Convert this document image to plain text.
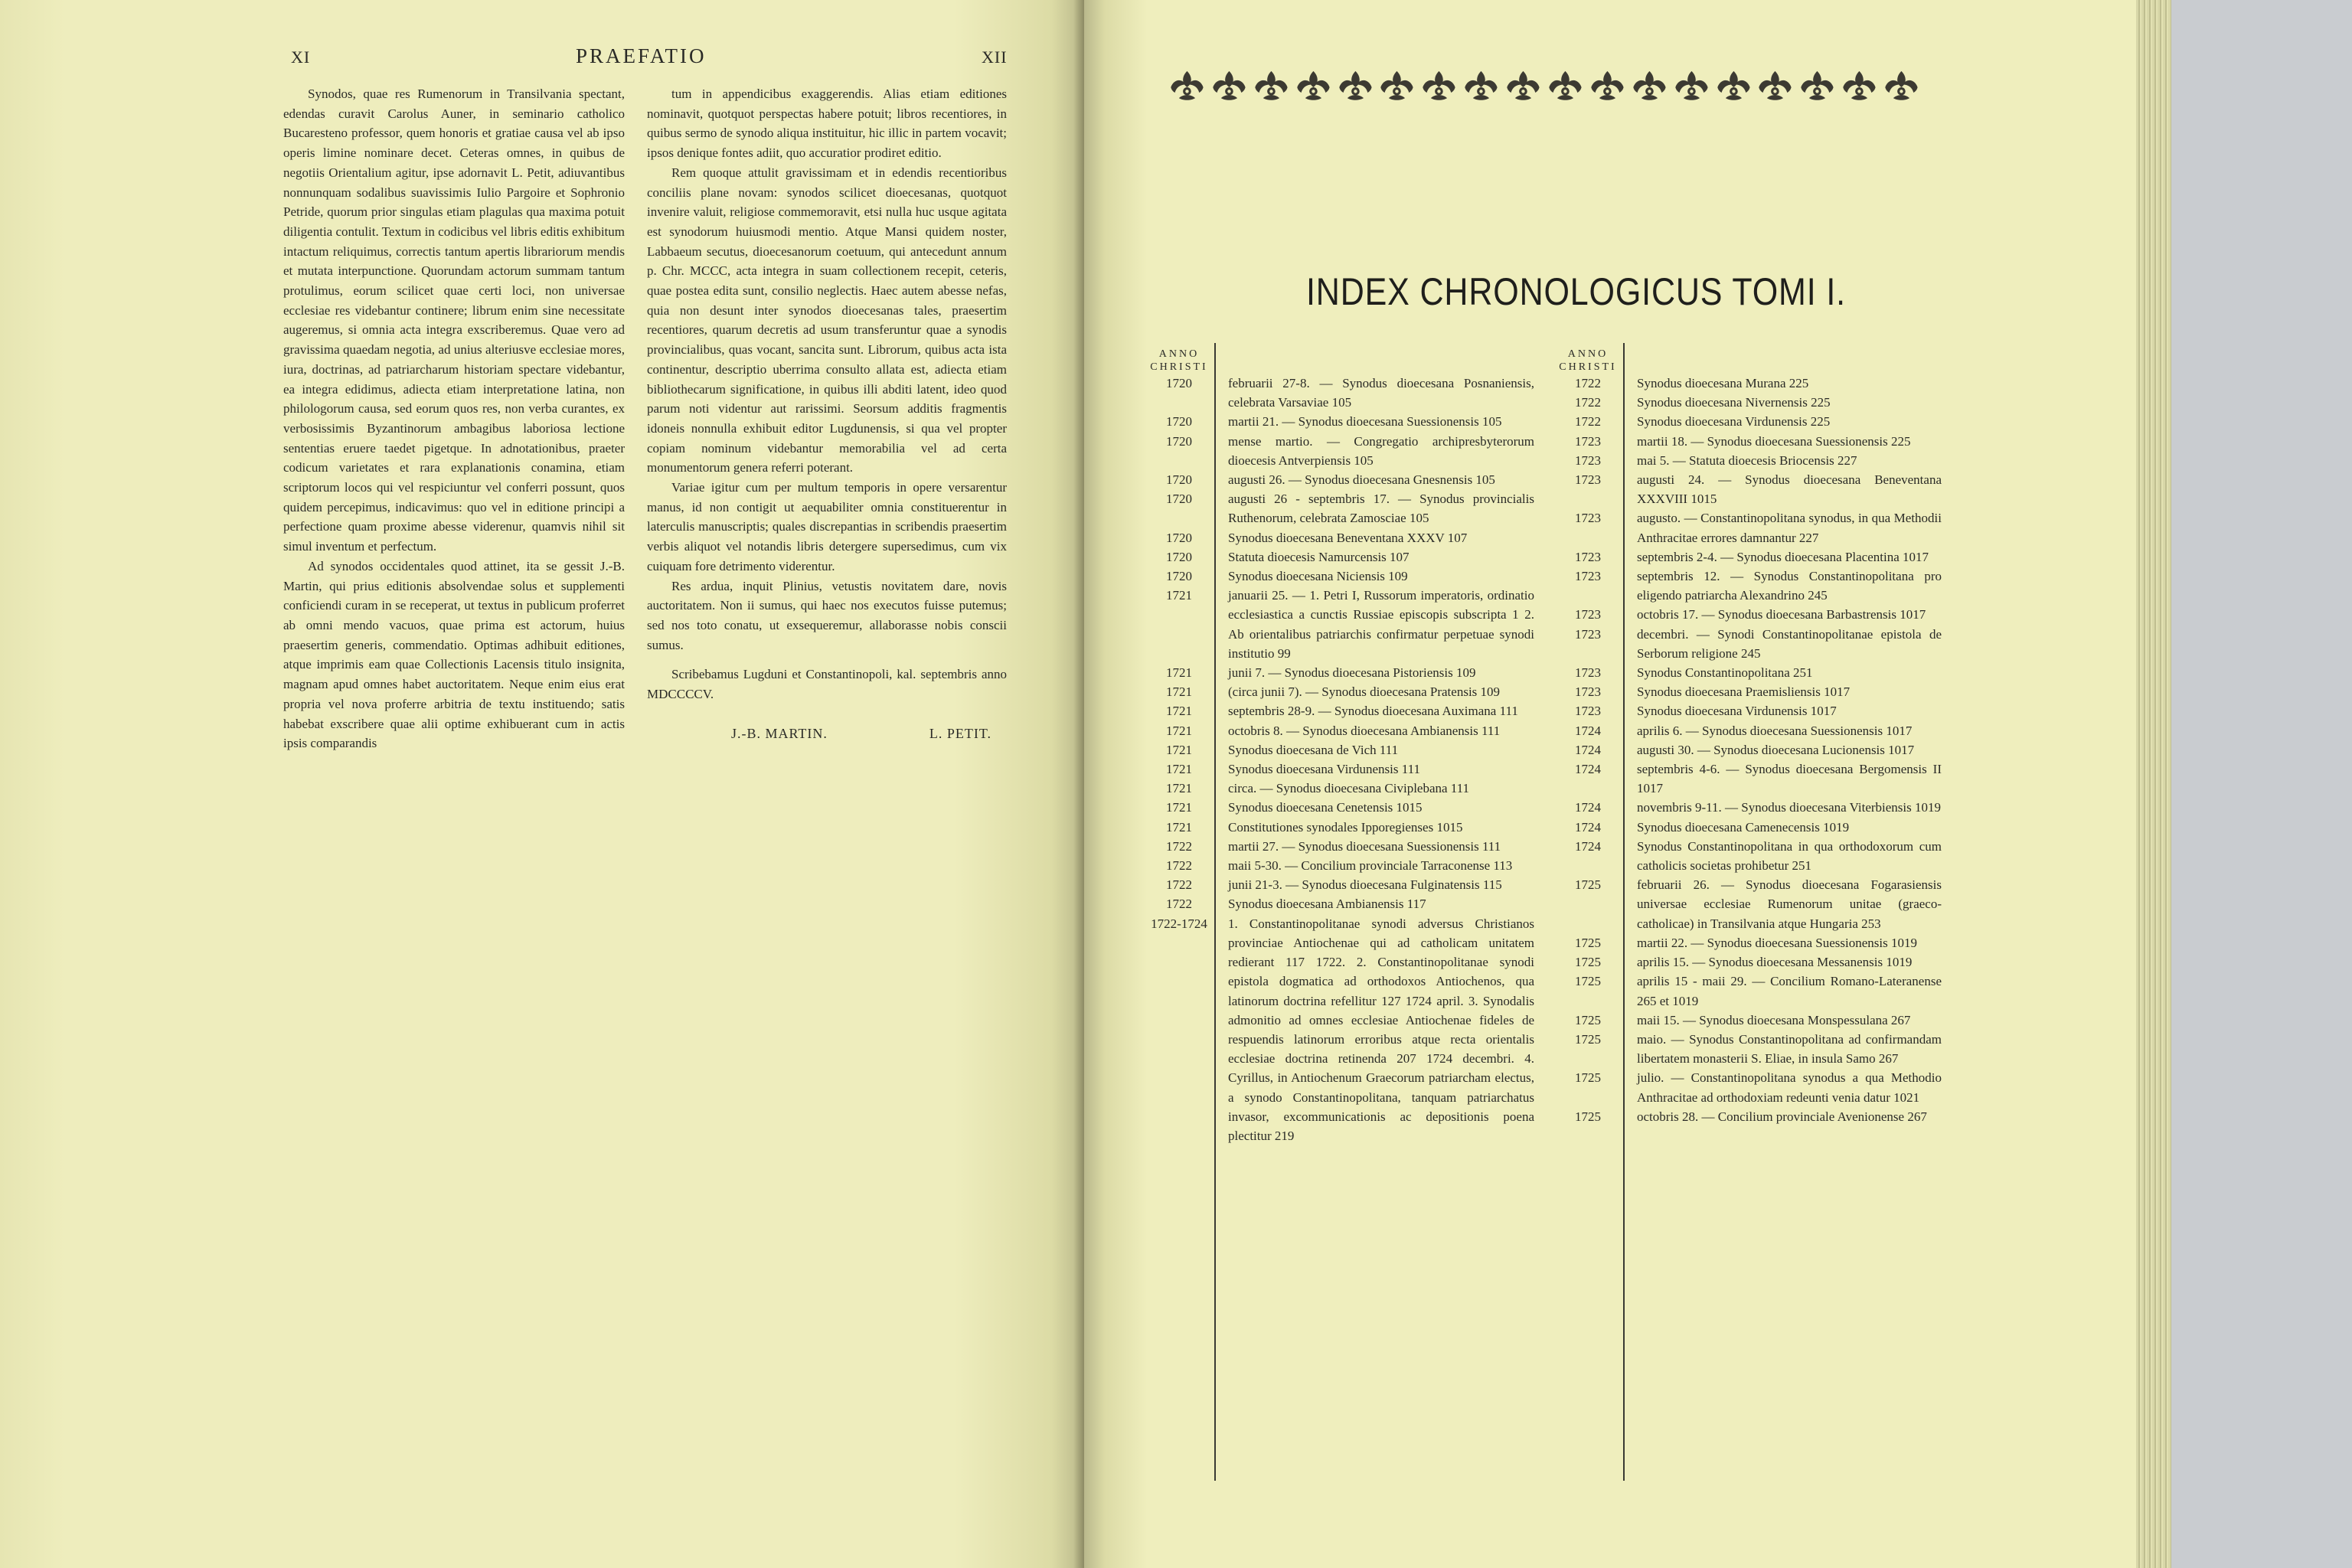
XI	PRAEFATIO	XII

Synodos, quae res Rumenorum in Transilvania spectant, edendas curavit Carolus Auner, in seminario catholico Bucaresteno professor, quem honoris et gratiae causa vel ab ipso operis limine nominare decet. Ceteras omnes, in quibus de negotiis Orientalium agitur, ipse adornavit L. Petit, adiuvantibus nonnunquam sodalibus suavissimis Iulio Pargoire et Sophronio Petride, quorum prior singulas etiam plagulas qua maxima potuit diligentia contulit. Textum in codicibus vel libris editis exhibitum intactum reliquimus, correctis tantum apertis librariorum mendis et mutata interpunctione. Quorundam actorum summam tantum protulimus, eorum scilicet quae certi loci, non universae ecclesiae res videbantur continere; librum enim sine necessitate augeremus, si omnia acta integra exscriberemus. Quae vero ad gravissima quaedam negotia, ad unius alteriusve ecclesiae mores, iura, doctrinas, ad patriarcharum historiam spectare videbantur, ea integra edidimus, adiecta etiam interpretatione latina, non philologorum causa, sed eorum quos res, non verba curantes, ex verbosissimis Byzantinorum ambagibus laboriosa lectione sententias eruere taedet pigetque. In adnotationibus, praeter codicum varietates et rara explanationis conamina, etiam scriptorum locos qui vel respiciuntur vel conferri possunt, quos quidem percepimus, indicavimus: quo vel in editione principi a perfectione quam proxime abesse viderenur, quamvis nihil sit simul inventum et perfectum.

Ad synodos occidentales quod attinet, ita se gessit J.-B. Martin, qui prius editionis absolvendae solus et supplementi conficiendi curam in se receperat, ut textus in publicum proferret ab omni mendo vacuos, quae prima est actorum, huius praesertim generis, commendatio. Optimas adhibuit editiones, atque imprimis eam quae Collectionis Lacensis titulo insignita, magnam apud omnes habet auctoritatem. Neque enim eius erat propria vel nova proferre arbitria de textu instituendo; satis habebat exscribere quae alii optime exhibuerant cum in actis ipsis comparandis

tum in appendicibus exaggerendis. Alias etiam editiones nominavit, quotquot perspectas habere potuit; libros recentiores, in quibus sermo de synodo aliqua instituitur, hic illic in partem vocavit; ipsos denique fontes adiit, quo accuratior prodiret editio.

Rem quoque attulit gravissimam et in edendis recentioribus conciliis plane novam: synodos scilicet dioecesanas, quotquot invenire valuit, religiose commemoravit, etsi nulla huc usque agitata est synodorum huiusmodi mentio. Atque Mansi quidem noster, Labbaeum secutus, dioecesanorum coetuum, qui antecedunt annum p. Chr. MCCC, acta integra in suam collectionem recepit, ceteris, quae postea edita sunt, consilio neglectis. Haec autem abesse nefas, quia non desunt inter synodos dioecesanas tales, praesertim recentiores, quarum decretis ad usum transferuntur quae a synodis provincialibus, quas vocant, sancita sunt. Librorum, quibus acta ista continentur, descriptio uberrima consulto allata est, adiecta etiam bibliothecarum significatione, in quibus illi abditi latent, ideo quod parum noti videntur aut rarissimi. Seorsum additis fragmentis idoneis nonnulla exhibuit editor Lugdunensis, si qua vel propter copiam nominum videbantur memorabilia vel ad certa monumentorum genera referri poterant.

Variae igitur cum per multum temporis in opere versarentur manus, id non contigit ut aequabiliter omnia constituerentur in laterculis manuscriptis; quales discrepantias in scribendis praesertim verbis aliquot vel notandis libris detergere supersedimus, cum vix cuiquam fore detrimento viderentur.

Res ardua, inquit Plinius, vetustis novitatem dare, novis auctoritatem. Non ii sumus, qui haec nos executos fuisse putemus; sed nos toto conatu, ut exsequeremur, allaborasse nobis conscii sumus.

Scribebamus Lugduni et Constantinopoli, kal. septembris anno MDCCCCV.

J.-B. MARTIN.	L. PETIT.
INDEX CHRONOLOGICUS TOMI I.
ANNO CHRISTI
1720	februarii 27-8. — Synodus dioecesana Posnaniensis, celebrata Varsaviae 105
1720	martii 21. — Synodus dioecesana Suessionensis 105
1720	mense martio. — Congregatio archipresbyterorum dioecesis Antverpiensis 105
1720	augusti 26. — Synodus dioecesana Gnesnensis 105
1720	augusti 26 - septembris 17. — Synodus provincialis Ruthenorum, celebrata Zamosciae 105
1720	Synodus dioecesana Beneventana XXXV 107
1720	Statuta dioecesis Namurcensis 107
1720	Synodus dioecesana Niciensis 109
1721	januarii 25. — 1. Petri I, Russorum imperatoris, ordinatio ecclesiastica a cunctis Russiae episcopis subscripta 1 2. Ab orientalibus patriarchis confirmatur perpetuae synodi institutio 99
1721	junii 7. — Synodus dioecesana Pistoriensis 109
1721	(circa junii 7). — Synodus dioecesana Pratensis 109
1721	septembris 28-9. — Synodus dioecesana Auximana 111
1721	octobris 8. — Synodus dioecesana Ambianensis 111
1721	Synodus dioecesana de Vich 111
1721	Synodus dioecesana Virdunensis 111
1721	circa. — Synodus dioecesana Civiplebana 111
1721	Synodus dioecesana Cenetensis 1015
1721	Constitutiones synodales Ipporegienses 1015
1722	martii 27. — Synodus dioecesana Suessionensis 111
1722	maii 5-30. — Concilium provinciale Tarraconense 113
1722	junii 21-3. — Synodus dioecesana Fulginatensis 115
1722	Synodus dioecesana Ambianensis 117
1722-1724	1. Constantinopolitanae synodi adversus Christianos provinciae Antiochenae qui ad catholicam unitatem redierant 117 1722. 2. Constantinopolitanae synodi epistola dogmatica ad orthodoxos Antiochenos, qua latinorum doctrina refellitur 127 1724 april. 3. Synodalis admonitio ad omnes ecclesiae Antiochenae fideles de respuendis latinorum erroribus atque recta orientalis ecclesiae doctrina retinenda 207 1724 decembri. 4. Cyrillus, in Antiochenum Graecorum patriarcham electus, a synodo Constantinopolitana, tanquam patriarchatus invasor, excommunicationis ac depositionis poena plectitur 219
ANNO CHRISTI
1722	Synodus dioecesana Murana 225
1722	Synodus dioecesana Nivernensis 225
1722	Synodus dioecesana Virdunensis 225
1723	martii 18. — Synodus dioecesana Suessionensis 225
1723	mai 5. — Statuta dioecesis Briocensis 227
1723	augusti 24. — Synodus dioecesana Beneventana XXXVIII 1015
1723	augusto. — Constantinopolitana synodus, in qua Methodii Anthracitae errores damnantur 227
1723	septembris 2-4. — Synodus dioecesana Placentina 1017
1723	septembris 12. — Synodus Constantinopolitana pro eligendo patriarcha Alexandrino 245
1723	octobris 17. — Synodus dioecesana Barbastrensis 1017
1723	decembri. — Synodi Constantinopolitanae epistola de Serborum religione 245
1723	Synodus Constantinopolitana 251
1723	Synodus dioecesana Praemisliensis 1017
1723	Synodus dioecesana Virdunensis 1017
1724	aprilis 6. — Synodus dioecesana Suessionensis 1017
1724	augusti 30. — Synodus dioecesana Lucionensis 1017
1724	septembris 4-6. — Synodus dioecesana Bergomensis II 1017
1724	novembris 9-11. — Synodus dioecesana Viterbiensis 1019
1724	Synodus dioecesana Camenecensis 1019
1724	Synodus Constantinopolitana in qua orthodoxorum cum catholicis societas prohibetur 251
1725	februarii 26. — Synodus dioecesana Fogarasiensis universae ecclesiae Rumenorum unitae (graeco-catholicae) in Transilvania atque Hungaria 253
1725	martii 22. — Synodus dioecesana Suessionensis 1019
1725	aprilis 15. — Synodus dioecesana Messanensis 1019
1725	aprilis 15 - maii 29. — Concilium Romano-Lateranense 265 et 1019
1725	maii 15. — Synodus dioecesana Monspessulana 267
1725	maio. — Synodus Constantinopolitana ad confirmandam libertatem monasterii S. Eliae, in insula Samo 267
1725	julio. — Constantinopolitana synodus a qua Methodio Anthracitae ad orthodoxiam redeunti venia datur 1021
1725	octobris 28. — Concilium provinciale Avenionense 267
